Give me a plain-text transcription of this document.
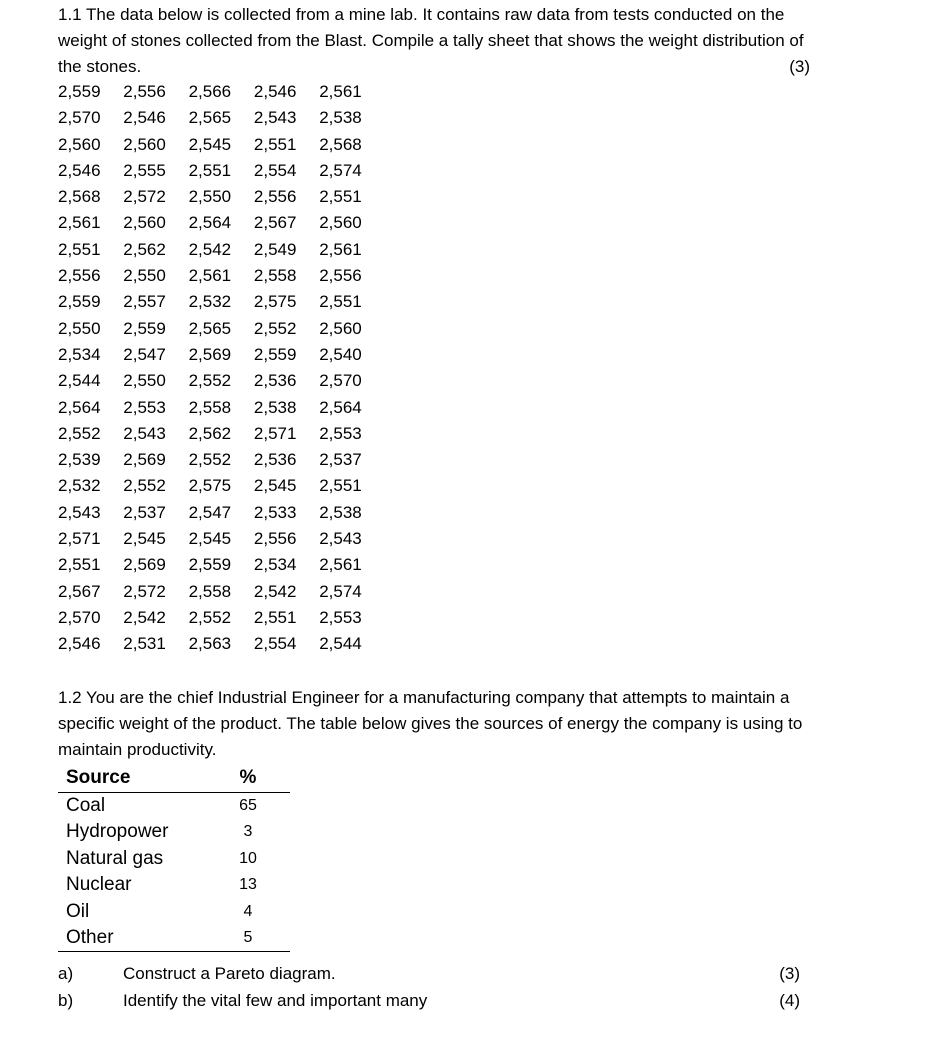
1.1 The data below is collected from a mine lab. It contains raw data from tests conducted on the weight of stones collected from the Blast. Compile a tally sheet that shows the weight distribution of the stones.	(3)
2,559	2,556	2,566	2,546	2,561
2,570	2,546	2,565	2,543	2,538
2,560	2,560	2,545	2,551	2,568
2,546	2,555	2,551	2,554	2,574
2,568	2,572	2,550	2,556	2,551
2,561	2,560	2,564	2,567	2,560
2,551	2,562	2,542	2,549	2,561
2,556	2,550	2,561	2,558	2,556
2,559	2,557	2,532	2,575	2,551
2,550	2,559	2,565	2,552	2,560
2,534	2,547	2,569	2,559	2,540
2,544	2,550	2,552	2,536	2,570
2,564	2,553	2,558	2,538	2,564
2,552	2,543	2,562	2,571	2,553
2,539	2,569	2,552	2,536	2,537
2,532	2,552	2,575	2,545	2,551
2,543	2,537	2,547	2,533	2,538
2,571	2,545	2,545	2,556	2,543
2,551	2,569	2,559	2,534	2,561
2,567	2,572	2,558	2,542	2,574
2,570	2,542	2,552	2,551	2,553
2,546	2,531	2,563	2,554	2,544
1.2 You are the chief Industrial Engineer for a manufacturing company that attempts to maintain a specific weight of the product. The table below gives the sources of energy the company is using to maintain productivity.
Source	%
Coal	65
Hydropower	3
Natural gas	10
Nuclear	13
Oil	4
Other	5
a)	Construct a Pareto diagram.	(3)
b)	Identify the vital few and important many	(4)
